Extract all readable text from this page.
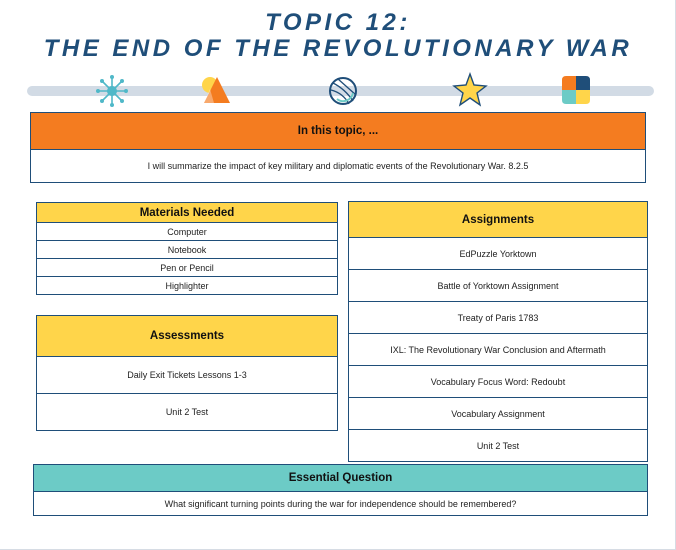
TOPIC 12:
THE END OF THE REVOLUTIONARY WAR
In this topic, ...
I will summarize the impact of key military and diplomatic events of the Revolutionary War. 8.2.5
Materials Needed
Computer
Notebook
Pen or Pencil
Highlighter
Assessments
Daily Exit Tickets Lessons 1-3
Unit 2 Test
Assignments
EdPuzzle Yorktown
Battle of Yorktown Assignment
Treaty of Paris 1783
IXL: The Revolutionary War Conclusion and Aftermath
Vocabulary Focus Word: Redoubt
Vocabulary Assignment
Unit 2 Test
Essential Question
What significant turning points during the war for independence should be remembered?
